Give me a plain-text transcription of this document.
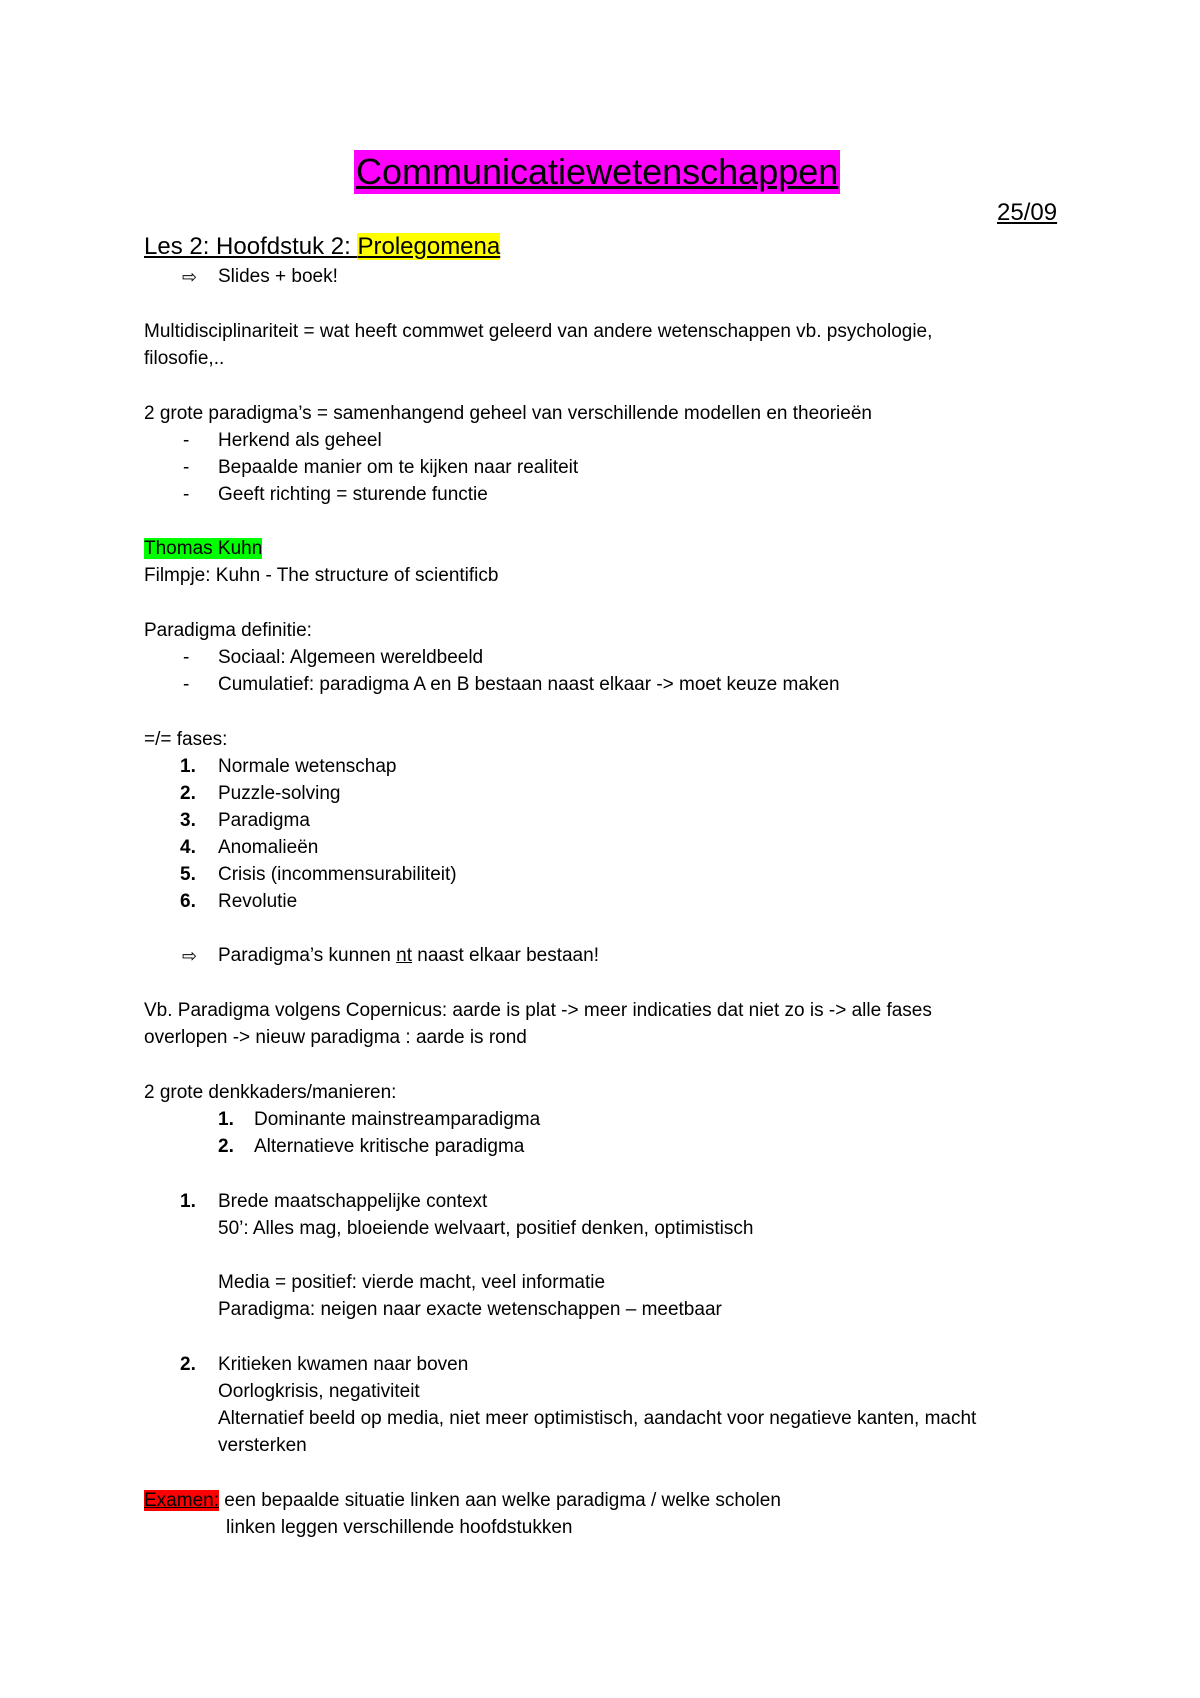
Communicatiewetenschappen
25/09
Les 2: Hoofdstuk 2: Prolegomena
⇨ Slides + boek!
Multidisciplinariteit = wat heeft commwet geleerd van andere wetenschappen vb. psychologie,
filosofie,..
2 grote paradigma’s = samenhangend geheel van verschillende modellen en theorieën
- Herkend als geheel
- Bepaalde manier om te kijken naar realiteit
- Geeft richting = sturende functie
Thomas Kuhn
Filmpje: Kuhn - The structure of scientificb
Paradigma definitie:
- Sociaal: Algemeen wereldbeeld
- Cumulatief: paradigma A en B bestaan naast elkaar -> moet keuze maken
=/= fases:
1. Normale wetenschap
2. Puzzle-solving
3. Paradigma
4. Anomalieën
5. Crisis (incommensurabiliteit)
6. Revolutie
⇨ Paradigma’s kunnen nt naast elkaar bestaan!
Vb. Paradigma volgens Copernicus: aarde is plat -> meer indicaties dat niet zo is -> alle fases
overlopen -> nieuw paradigma : aarde is rond
2 grote denkkaders/manieren:
1. Dominante mainstreamparadigma
2. Alternatieve kritische paradigma
1. Brede maatschappelijke context
50’: Alles mag, bloeiende welvaart, positief denken, optimistisch
Media = positief: vierde macht, veel informatie
Paradigma: neigen naar exacte wetenschappen – meetbaar
2. Kritieken kwamen naar boven
Oorlogkrisis, negativiteit
Alternatief beeld op media, niet meer optimistisch, aandacht voor negatieve kanten, macht
versterken
Examen: een bepaalde situatie linken aan welke paradigma / welke scholen
linken leggen verschillende hoofdstukken
